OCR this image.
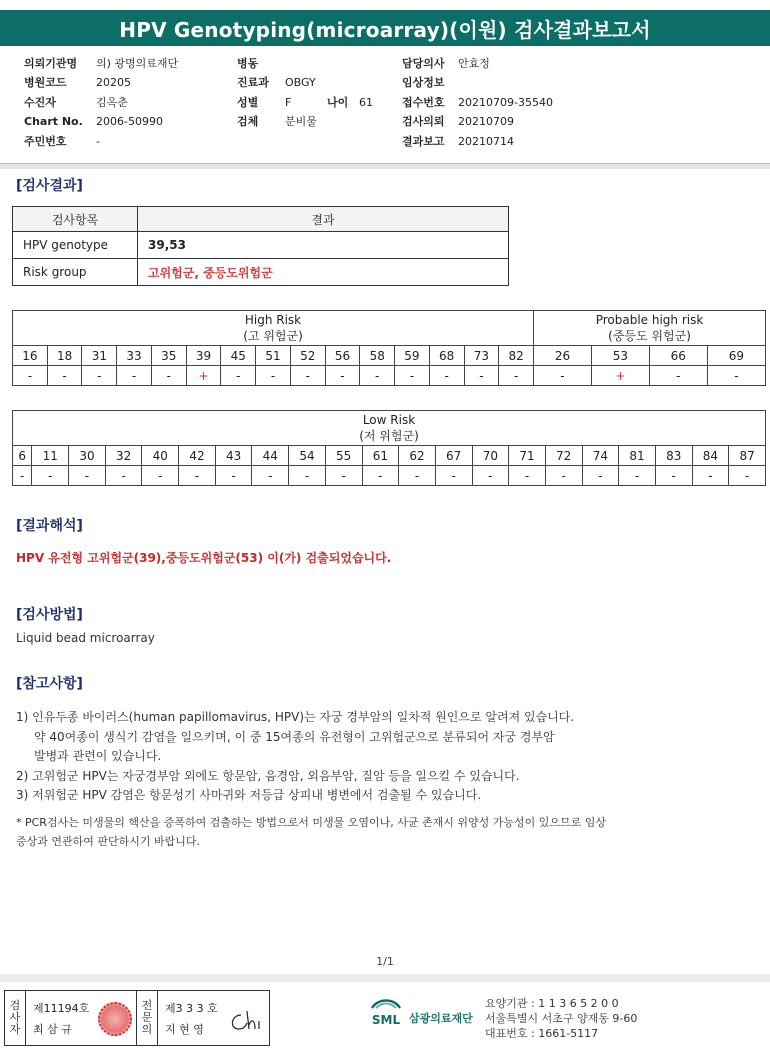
HPV Genotyping(microarray)(이원) 검사결과보고서
의뢰기관명	의) 광명의료재단
병원코드	20205
수진자	김옥춘
Chart No.	2006-50990
주민번호	-
병동
진료과	OBGY
성별	F	나이 61
검체	분비물
담당의사	안효정
임상정보
접수번호	20210709-35540
검사의뢰	20210709
결과보고	20210714
[검사결과]
검사항목	결과
HPV genotype	39,53
Risk group	고위험군, 중등도위험군
High Risk
(고 위험군)															Probable high risk
(중등도 위험군)			
16	18	31	33	35	39	45	51	52	56	58	59	68	73	82	26	53	66	69
-	-	-	-	-	+	-	-	-	-	-	-	-	-	-	-	+	-	-
Low Risk
(저 위험군)																				
6	11	30	32	40	42	43	44	54	55	61	62	67	70	71	72	74	81	83	84	87
-	-	-	-	-	-	-	-	-	-	-	-	-	-	-	-	-	-	-	-	-
[결과해석]
HPV 유전형 고위험군(39),중등도위험군(53) 이(가) 검출되었습니다.
[검사방법]
Liquid bead microarray
[참고사항]
1) 인유두종 바이러스(human papillomavirus, HPV)는 자궁 경부암의 일차적 원인으로 알려져 있습니다.
약 40여종이 생식기 감염을 일으키며, 이 중 15여종의 유전형이 고위험군으로 분류되어 자궁 경부암
발병과 관련이 있습니다.
2) 고위험군 HPV는 자궁경부암 외에도 항문암, 음경암, 외음부암, 질암 등을 일으킬 수 있습니다.
3) 저위험군 HPV 감염은 항문성기 사마귀와 저등급 상피내 병변에서 검출될 수 있습니다.
* PCR검사는 미생물의 핵산을 증폭하여 검출하는 방법으로서 미생물 오염이나, 사균 존재시 위양성 가능성이 있으므로 임상
증상과 연관하여 판단하시기 바랍니다.
1/1
검
사
자
제11194호
최 삼 규
전
문
의
제3 3 3 호
지 현 영
SML 삼광의료재단
요양기관 : 1 1 3 6 5 2 0 0
서울특별시 서초구 양재동 9-60
대표번호 : 1661-5117
